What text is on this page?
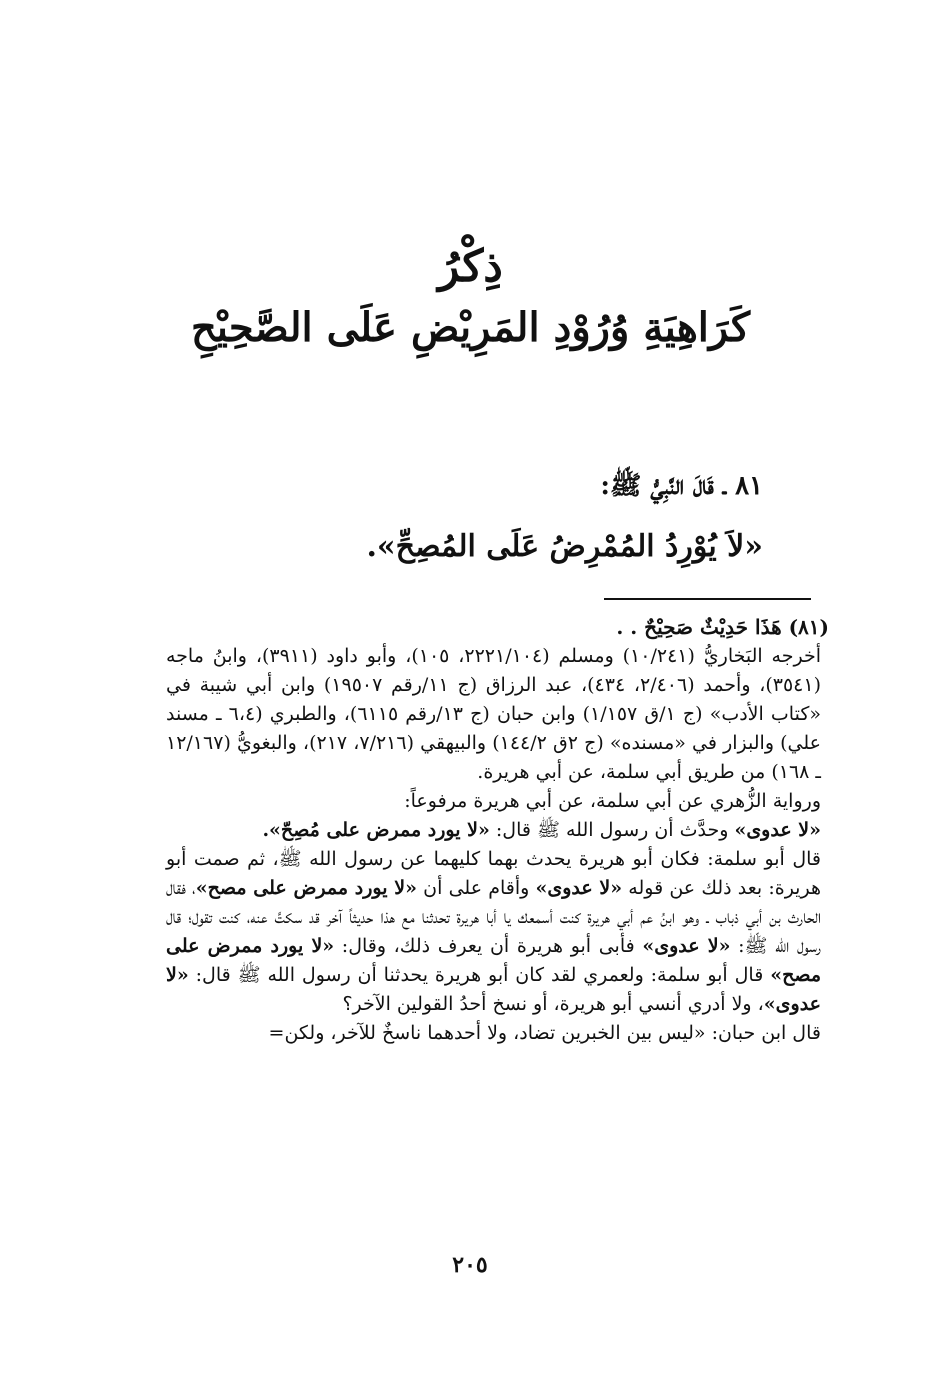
ذِكْرُ
كَرَاهِيَةِ وُرُوْدِ المَرِيْضِ عَلَى الصَّحِيْحِ
٨١ ـ قَالَ النَّبِيُّ ﷺ:
«لاَ يُوْرِدُ المُمْرِضُ عَلَى المُصِحِّ».
(٨١) هَذَا حَدِيْثٌ صَحِيْحٌ . .

أخرجه البَخاريُّ (١٠/٢٤١) ومسلم (٢٢٢١/١٠٤، ١٠٥)، وأبو داود (٣٩١١)، وابنُ ماجه (٣٥٤١)، وأحمد (٢/٤٠٦، ٤٣٤)، عبد الرزاق (ج ١١/رقم ١٩٥٠٧) وابن أبي شيبة في «كتاب الأدب» (ج ١/ق ١/١٥٧) وابن حبان (ج ١٣/رقم ٦١١٥)، والطبري (٦،٤ ـ مسند علي) والبزار في «مسنده» (ج ٢ق ١٤٤/٢) والبيهقي (٧/٢١٦، ٢١٧)، والبغويُّ (١٢/١٦٧ ـ ١٦٨) من طريق أبي سلمة، عن أبي هريرة.

ورواية الزُّهري عن أبي سلمة، عن أبي هريرة مرفوعاً:

«لا عدوى» وحدَّث أن رسول الله ﷺ قال: «لا يورد ممرض على مُصِحّ».

قال أبو سلمة: فكان أبو هريرة يحدث بهما كليهما عن رسول الله ﷺ، ثم صمت أبو هريرة: بعد ذلك عن قوله «لا عدوى» وأقام على أن «لا يورد ممرض على مصح»، فقال الحارث بن أبي ذباب ـ وهو ابنُ عم أبي هريرة كنت أسمعك يا أبا هريرة تحدثنا مع هذا حديثاً آخر قد سكتَّ عنه، كنت تقول؛ قال رسول الله ﷺ: «لا عدوى» فأبى أبو هريرة أن يعرف ذلك، وقال: «لا يورد ممرض على مصح» قال أبو سلمة: ولعمري لقد كان أبو هريرة يحدثنا أن رسول الله ﷺ قال: «لا عدوى»، ولا أدري أنسي أبو هريرة، أو نسخ أحدُ القولين الآخر؟

قال ابن حبان: «ليس بين الخبرين تضاد، ولا أحدهما ناسخٌ للآخر، ولكن=

٢٠٥
